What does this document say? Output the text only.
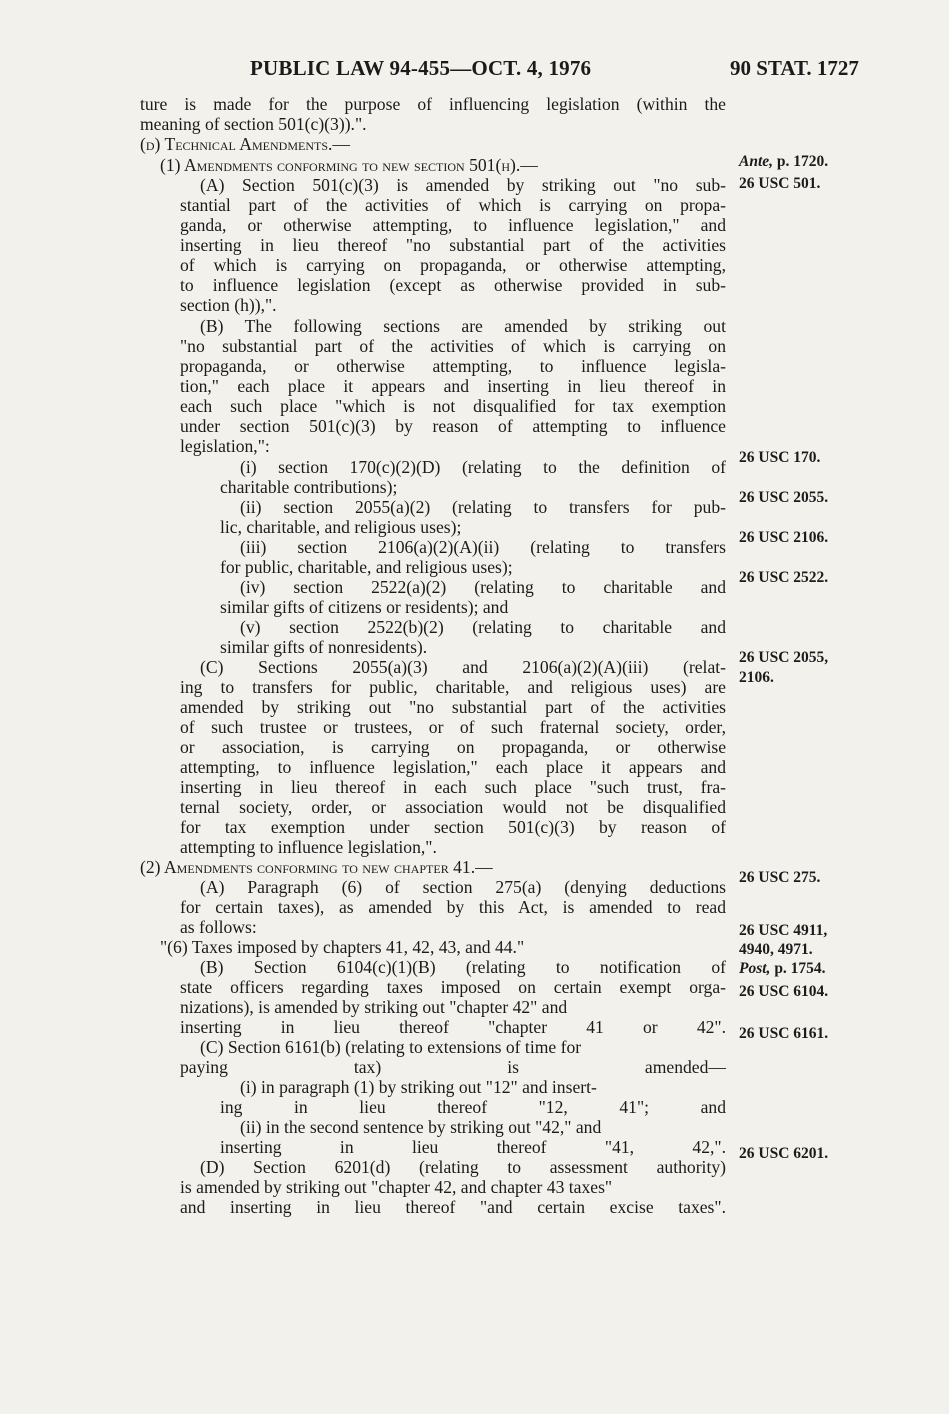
PUBLIC LAW 94-455—OCT. 4, 1976	90 STAT. 1727
ture is made for the purpose of influencing legislation (within the
meaning of section 501(c)(3)).".
(d) Technical Amendments.—
(1) Amendments conforming to new section 501(h).—
(A) Section 501(c)(3) is amended by striking out "no sub-
stantial part of the activities of which is carrying on propa-
ganda, or otherwise attempting, to influence legislation," and
inserting in lieu thereof "no substantial part of the activities
of which is carrying on propaganda, or otherwise attempting,
to influence legislation (except as otherwise provided in sub-
section (h)),".
(B) The following sections are amended by striking out
"no substantial part of the activities of which is carrying on
propaganda, or otherwise attempting, to influence legisla-
tion," each place it appears and inserting in lieu thereof in
each such place "which is not disqualified for tax exemption
under section 501(c)(3) by reason of attempting to influence
legislation,":
(i) section 170(c)(2)(D) (relating to the definition of
charitable contributions);
(ii) section 2055(a)(2) (relating to transfers for pub-
lic, charitable, and religious uses);
(iii) section 2106(a)(2)(A)(ii) (relating to transfers
for public, charitable, and religious uses);
(iv) section 2522(a)(2) (relating to charitable and
similar gifts of citizens or residents); and
(v) section 2522(b)(2) (relating to charitable and
similar gifts of nonresidents).
(C) Sections 2055(a)(3) and 2106(a)(2)(A)(iii) (relat-
ing to transfers for public, charitable, and religious uses) are
amended by striking out "no substantial part of the activities
of such trustee or trustees, or of such fraternal society, order,
or association, is carrying on propaganda, or otherwise
attempting, to influence legislation," each place it appears and
inserting in lieu thereof in each such place "such trust, fra-
ternal society, order, or association would not be disqualified
for tax exemption under section 501(c)(3) by reason of
attempting to influence legislation,".
(2) Amendments conforming to new chapter 41.—
(A) Paragraph (6) of section 275(a) (denying deductions
for certain taxes), as amended by this Act, is amended to read
as follows:
"(6) Taxes imposed by chapters 41, 42, 43, and 44."
(B) Section 6104(c)(1)(B) (relating to notification of
state officers regarding taxes imposed on certain exempt orga-
nizations), is amended by striking out "chapter 42" and
inserting in lieu thereof "chapter 41 or 42".
(C) Section 6161(b) (relating to extensions of time for
paying tax) is amended—
(i) in paragraph (1) by striking out "12" and insert-
ing in lieu thereof "12, 41"; and
(ii) in the second sentence by striking out "42," and
inserting in lieu thereof "41, 42,".
(D) Section 6201(d) (relating to assessment authority)
is amended by striking out "chapter 42, and chapter 43 taxes"
and inserting in lieu thereof "and certain excise taxes".
Ante, p. 1720.
26 USC 501.
26 USC 170.
26 USC 2055.
26 USC 2106.
26 USC 2522.
26 USC 2055,
2106.
26 USC 275.
26 USC 4911,
4940, 4971.
Post, p. 1754.
26 USC 6104.
26 USC 6161.
26 USC 6201.
